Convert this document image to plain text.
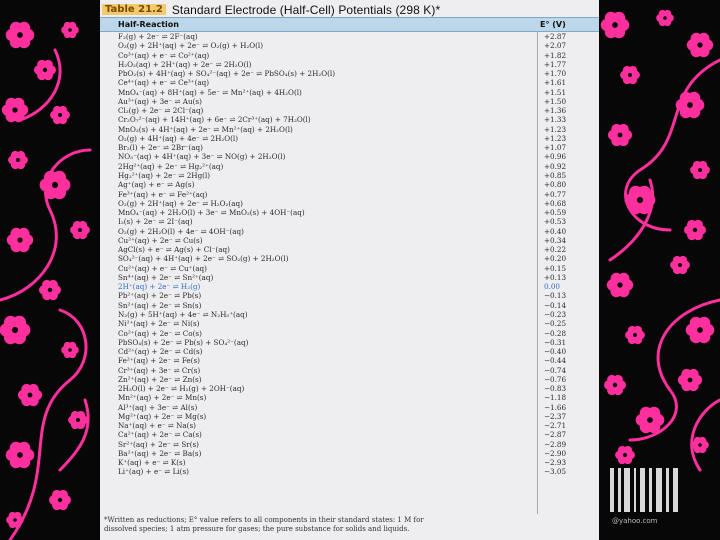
Table 21.2 Standard Electrode (Half-Cell) Potentials (298 K)*
Half-Reaction	E° (V)
F₂(g) + 2e⁻ ⇌ 2F⁻(aq)	+2.87
O₃(g) + 2H⁺(aq) + 2e⁻ ⇌ O₂(g) + H₂O(l)	+2.07
Co³⁺(aq) + e⁻ ⇌ Co²⁺(aq)	+1.82
H₂O₂(aq) + 2H⁺(aq) + 2e⁻ ⇌ 2H₂O(l)	+1.77
PbO₂(s) + 4H⁺(aq) + SO₄²⁻(aq) + 2e⁻ ⇌ PbSO₄(s) + 2H₂O(l)	+1.70
Ce⁴⁺(aq) + e⁻ ⇌ Ce³⁺(aq)	+1.61
MnO₄⁻(aq) + 8H⁺(aq) + 5e⁻ ⇌ Mn²⁺(aq) + 4H₂O(l)	+1.51
Au³⁺(aq) + 3e⁻ ⇌ Au(s)	+1.50
Cl₂(g) + 2e⁻ ⇌ 2Cl⁻(aq)	+1.36
Cr₂O₇²⁻(aq) + 14H⁺(aq) + 6e⁻ ⇌ 2Cr³⁺(aq) + 7H₂O(l)	+1.33
MnO₂(s) + 4H⁺(aq) + 2e⁻ ⇌ Mn²⁺(aq) + 2H₂O(l)	+1.23
O₂(g) + 4H⁺(aq) + 4e⁻ ⇌ 2H₂O(l)	+1.23
Br₂(l) + 2e⁻ ⇌ 2Br⁻(aq)	+1.07
NO₃⁻(aq) + 4H⁺(aq) + 3e⁻ ⇌ NO(g) + 2H₂O(l)	+0.96
2Hg²⁺(aq) + 2e⁻ ⇌ Hg₂²⁺(aq)	+0.92
Hg₂²⁺(aq) + 2e⁻ ⇌ 2Hg(l)	+0.85
Ag⁺(aq) + e⁻ ⇌ Ag(s)	+0.80
Fe³⁺(aq) + e⁻ ⇌ Fe²⁺(aq)	+0.77
O₂(g) + 2H⁺(aq) + 2e⁻ ⇌ H₂O₂(aq)	+0.68
MnO₄⁻(aq) + 2H₂O(l) + 3e⁻ ⇌ MnO₂(s) + 4OH⁻(aq)	+0.59
I₂(s) + 2e⁻ ⇌ 2I⁻(aq)	+0.53
O₂(g) + 2H₂O(l) + 4e⁻ ⇌ 4OH⁻(aq)	+0.40
Cu²⁺(aq) + 2e⁻ ⇌ Cu(s)	+0.34
AgCl(s) + e⁻ ⇌ Ag(s) + Cl⁻(aq)	+0.22
SO₄²⁻(aq) + 4H⁺(aq) + 2e⁻ ⇌ SO₂(g) + 2H₂O(l)	+0.20
Cu²⁺(aq) + e⁻ ⇌ Cu⁺(aq)	+0.15
Sn⁴⁺(aq) + 2e⁻ ⇌ Sn²⁺(aq)	+0.13
2H⁺(aq) + 2e⁻ ⇌ H₂(g)	0.00
Pb²⁺(aq) + 2e⁻ ⇌ Pb(s)	−0.13
Sn²⁺(aq) + 2e⁻ ⇌ Sn(s)	−0.14
N₂(g) + 5H⁺(aq) + 4e⁻ ⇌ N₂H₅⁺(aq)	−0.23
Ni²⁺(aq) + 2e⁻ ⇌ Ni(s)	−0.25
Co²⁺(aq) + 2e⁻ ⇌ Co(s)	−0.28
PbSO₄(s) + 2e⁻ ⇌ Pb(s) + SO₄²⁻(aq)	−0.31
Cd²⁺(aq) + 2e⁻ ⇌ Cd(s)	−0.40
Fe²⁺(aq) + 2e⁻ ⇌ Fe(s)	−0.44
Cr³⁺(aq) + 3e⁻ ⇌ Cr(s)	−0.74
Zn²⁺(aq) + 2e⁻ ⇌ Zn(s)	−0.76
2H₂O(l) + 2e⁻ ⇌ H₂(g) + 2OH⁻(aq)	−0.83
Mn²⁺(aq) + 2e⁻ ⇌ Mn(s)	−1.18
Al³⁺(aq) + 3e⁻ ⇌ Al(s)	−1.66
Mg²⁺(aq) + 2e⁻ ⇌ Mg(s)	−2.37
Na⁺(aq) + e⁻ ⇌ Na(s)	−2.71
Ca²⁺(aq) + 2e⁻ ⇌ Ca(s)	−2.87
Sr²⁺(aq) + 2e⁻ ⇌ Sr(s)	−2.89
Ba²⁺(aq) + 2e⁻ ⇌ Ba(s)	−2.90
K⁺(aq) + e⁻ ⇌ K(s)	−2.93
Li⁺(aq) + e⁻ ⇌ Li(s)	−3.05
*Written as reductions; E° value refers to all components in their standard states: 1 M for
dissolved species; 1 atm pressure for gases; the pure substance for solids and liquids.
@yahoo.com
